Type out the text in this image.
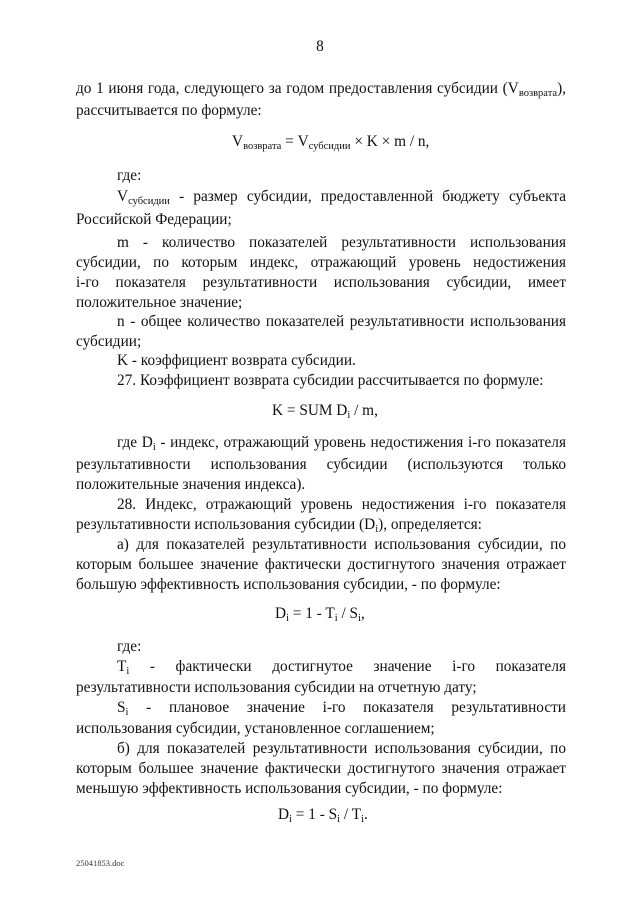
8
до 1 июня года, следующего за годом предоставления субсидии $(V_{возврата})$,
рассчитывается по формуле:
$V_{возврата} = V_{субсидии} \times K \times m / n$,
где:
$V_{субсидии}$ - размер субсидии, предоставленной бюджету субъекта
Российской Федерации;
m - количество показателей результативности использования
субсидии, по которым индекс, отражающий уровень недостижения
i-го показателя результативности использования субсидии, имеет
положительное значение;
n - общее количество показателей результативности использования
субсидии;
K - коэффициент возврата субсидии.
27. Коэффициент возврата субсидии рассчитывается по формуле:
K = SUM $D_i$ / m,
где $D_i$ - индекс, отражающий уровень недостижения i-го показателя
результативности использования субсидии (используются только
положительные значения индекса).
28. Индекс, отражающий уровень недостижения i-го показателя
результативности использования субсидии $(D_i)$, определяется:
а) для показателей результативности использования субсидии, по
которым большее значение фактически достигнутого значения отражает
большую эффективность использования субсидии, - по формуле:
$D_i = 1 - T_i / S_i$,
где:
$T_i$ - фактически достигнутое значение i-го показателя
результативности использования субсидии на отчетную дату;
$S_i$ - плановое значение i-го показателя результативности
использования субсидии, установленное соглашением;
б) для показателей результативности использования субсидии, по
которым большее значение фактически достигнутого значения отражает
меньшую эффективность использования субсидии, - по формуле:
$D_i = 1 - S_i / T_i$.
25041853.doc
